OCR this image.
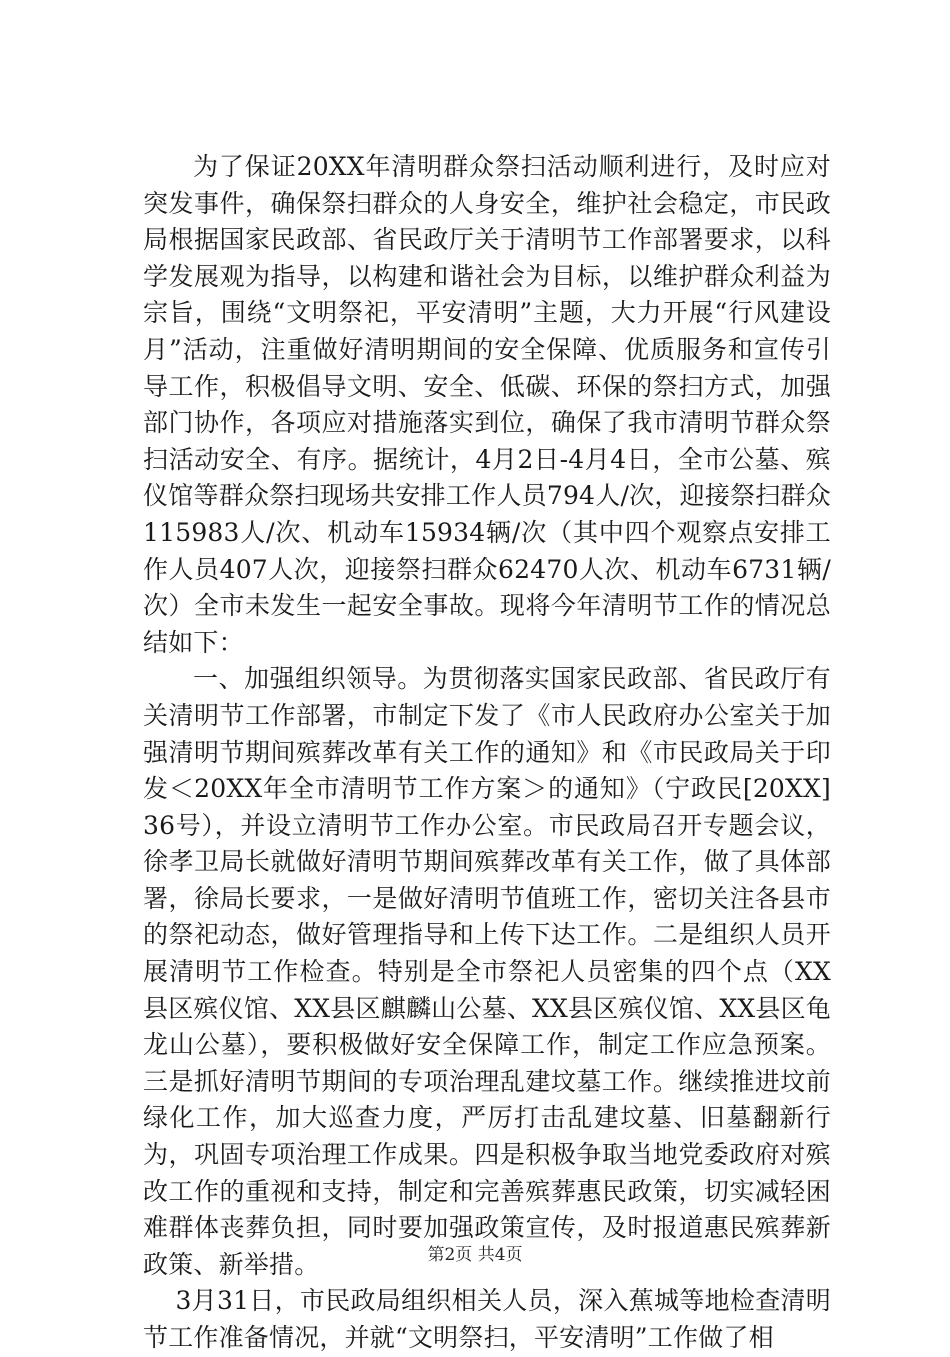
为了保证20XX年清明群众祭扫活动顺利进行，及时应对突发事件，确保祭扫群众的人身安全，维护社会稳定，市民政局根据国家民政部、省民政厅关于清明节工作部署要求，以科学发展观为指导，以构建和谐社会为目标，以维护群众利益为宗旨，围绕“文明祭祀，平安清明”主题，大力开展“行风建设月”活动，注重做好清明期间的安全保障、优质服务和宣传引导工作，积极倡导文明、安全、低碳、环保的祭扫方式，加强部门协作，各项应对措施落实到位，确保了我市清明节群众祭扫活动安全、有序。据统计，4月2日-4月4日，全市公墓、殡仪馆等群众祭扫现场共安排工作人员794人/次，迎接祭扫群众115983人/次、机动车15934辆/次（其中四个观察点安排工作人员407人次，迎接祭扫群众62470人次、机动车6731辆/次）全市未发生一起安全事故。现将今年清明节工作的情况总结如下：

一、加强组织领导。为贯彻落实国家民政部、省民政厅有关清明节工作部署，市制定下发了《市人民政府办公室关于加强清明节期间殡葬改革有关工作的通知》和《市民政局关于印发＜20XX年全市清明节工作方案＞的通知》（宁政民[20XX]36号），并设立清明节工作办公室。市民政局召开专题会议，徐孝卫局长就做好清明节期间殡葬改革有关工作，做了具体部署，徐局长要求，一是做好清明节值班工作，密切关注各县市的祭祀动态，做好管理指导和上传下达工作。二是组织人员开展清明节工作检查。特别是全市祭祀人员密集的四个点（XX县区殡仪馆、XX县区麒麟山公墓、XX县区殡仪馆、XX县区龟龙山公墓），要积极做好安全保障工作，制定工作应急预案。三是抓好清明节期间的专项治理乱建坟墓工作。继续推进坟前绿化工作，加大巡查力度，严厉打击乱建坟墓、旧墓翻新行为，巩固专项治理工作成果。四是积极争取当地党委政府对殡改工作的重视和支持，制定和完善殡葬惠民政策，切实减轻困难群体丧葬负担，同时要加强政策宣传，及时报道惠民殡葬新政策、新举措。

3月31日，市民政局组织相关人员，深入蕉城等地检查清明节工作准备情况，并就“文明祭扫，平安清明”工作做了相

第2页 共4页
